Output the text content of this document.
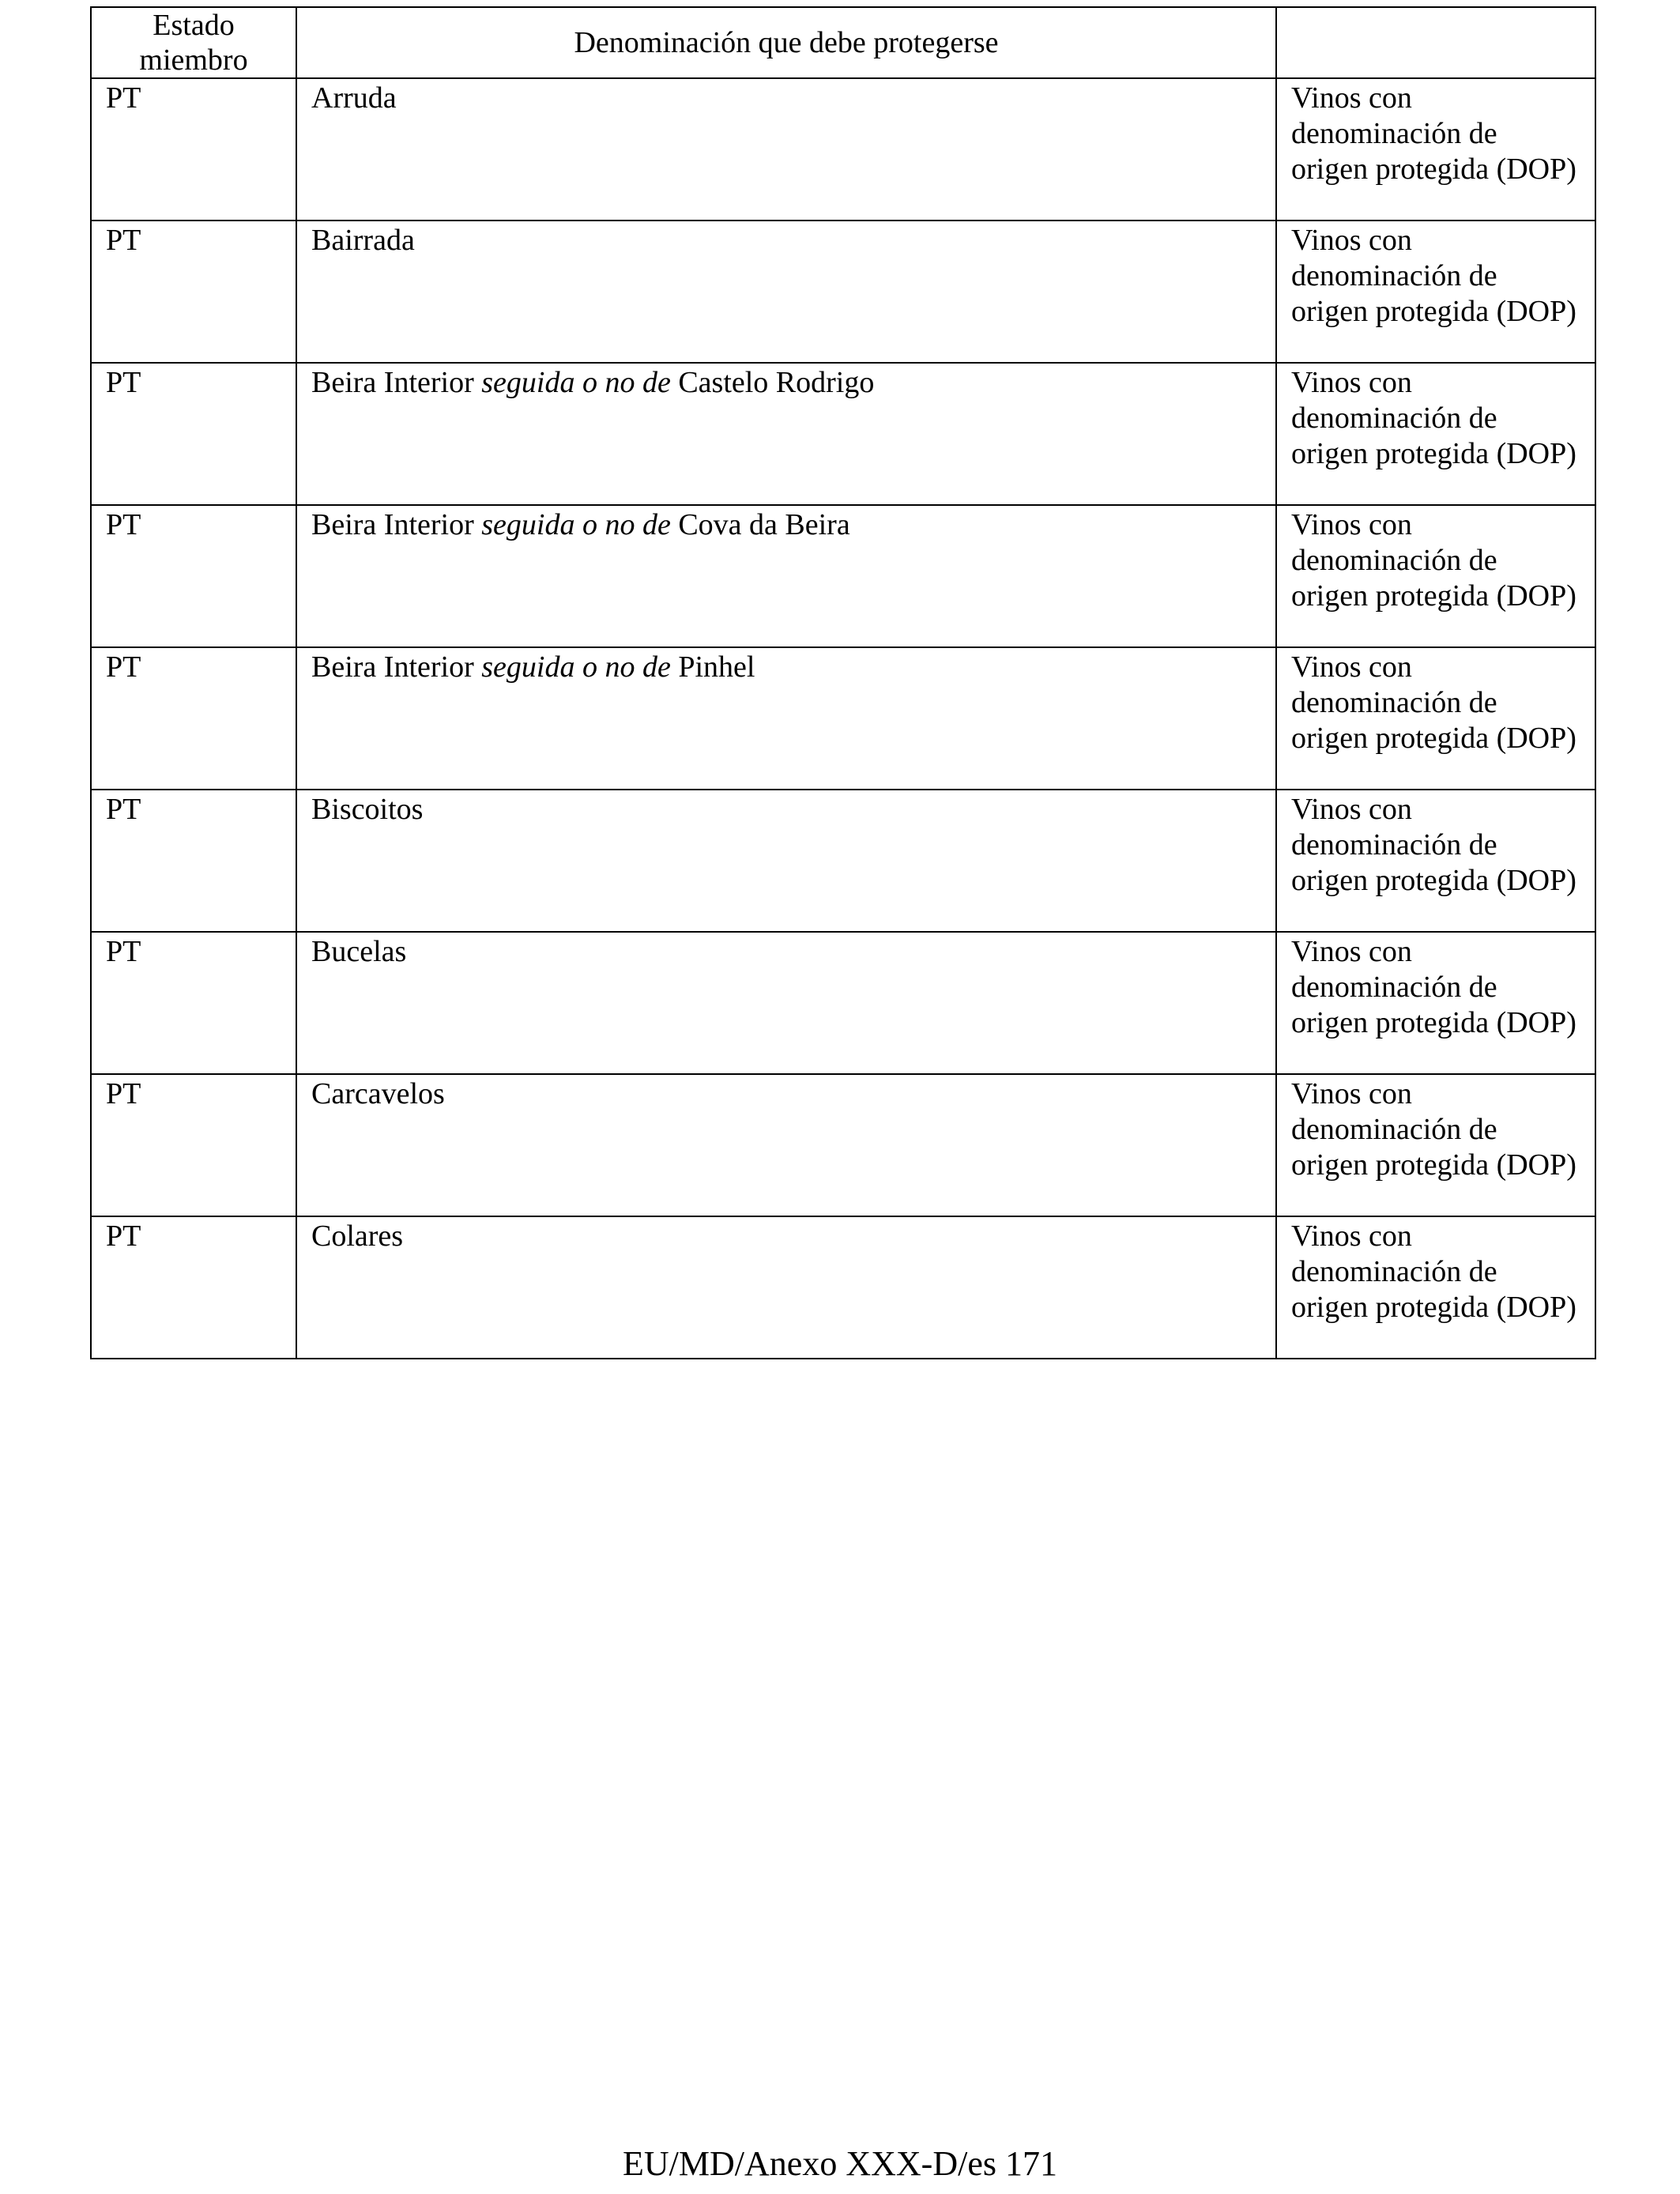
Estado miembro	Denominación que debe protegerse	
PT	Arruda	Vinos con denominación de origen protegida (DOP)
PT	Bairrada	Vinos con denominación de origen protegida (DOP)
PT	Beira Interior seguida o no de Castelo Rodrigo	Vinos con denominación de origen protegida (DOP)
PT	Beira Interior seguida o no de Cova da Beira	Vinos con denominación de origen protegida (DOP)
PT	Beira Interior seguida o no de Pinhel	Vinos con denominación de origen protegida (DOP)
PT	Biscoitos	Vinos con denominación de origen protegida (DOP)
PT	Bucelas	Vinos con denominación de origen protegida (DOP)
PT	Carcavelos	Vinos con denominación de origen protegida (DOP)
PT	Colares	Vinos con denominación de origen protegida (DOP)
EU/MD/Anexo XXX-D/es 171
